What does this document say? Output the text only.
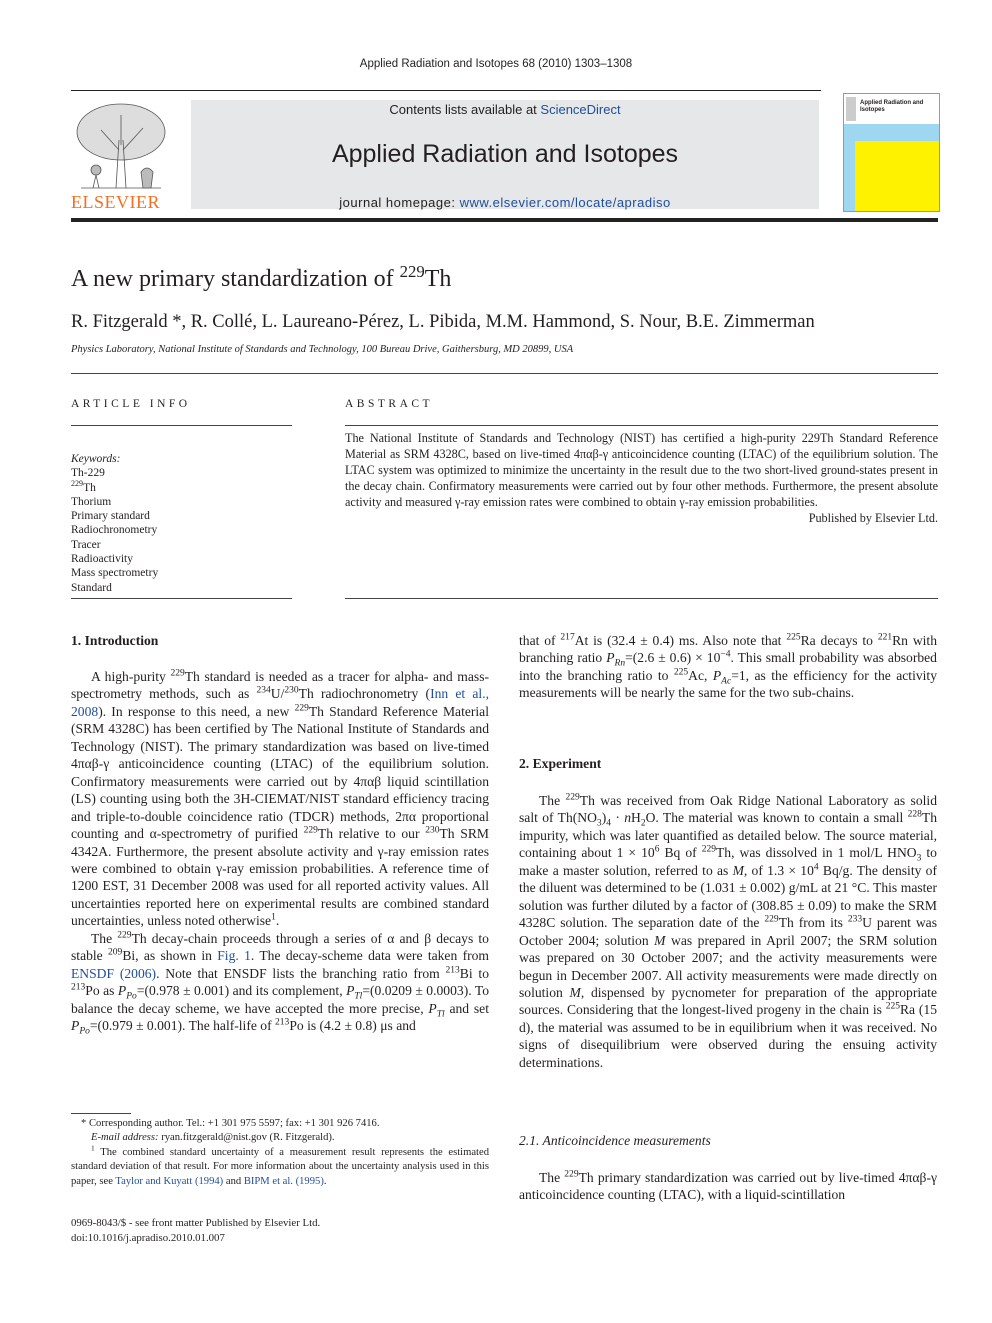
Applied Radiation and Isotopes 68 (2010) 1303–1308
ELSEVIER
Contents lists available at ScienceDirect
Applied Radiation and Isotopes
journal homepage: www.elsevier.com/locate/apradiso
Applied Radiation and Isotopes
A new primary standardization of $^{229}$Th
R. Fitzgerald *, R. Collé, L. Laureano-Pérez, L. Pibida, M.M. Hammond, S. Nour, B.E. Zimmerman
Physics Laboratory, National Institute of Standards and Technology, 100 Bureau Drive, Gaithersburg, MD 20899, USA
ARTICLE INFO
Keywords:
Th-229
$^{229}$Th
Thorium
Primary standard
Radiochronometry
Tracer
Radioactivity
Mass spectrometry
Standard
ABSTRACT
The National Institute of Standards and Technology (NIST) has certified a high-purity 229Th Standard Reference Material as SRM 4328C, based on live-timed 4παβ-γ anticoincidence counting (LTAC) of the equilibrium solution. The LTAC system was optimized to minimize the uncertainty in the result due to the two short-lived ground-states present in the decay chain. Confirmatory measurements were carried out by four other methods. Furthermore, the present absolute activity and measured γ-ray emission rates were combined to obtain γ-ray emission probabilities.
Published by Elsevier Ltd.
1. Introduction

A high-purity $^{229}$Th standard is needed as a tracer for alpha- and mass-spectrometry methods, such as $^{234}$U/$^{230}$Th radiochronometry (Inn et al., 2008). In response to this need, a new $^{229}$Th Standard Reference Material (SRM 4328C) has been certified by The National Institute of Standards and Technology (NIST). The primary standardization was based on live-timed 4παβ-γ anticoincidence counting (LTAC) of the equilibrium solution. Confirmatory measurements were carried out by 4παβ liquid scintillation (LS) counting using both the 3H-CIEMAT/NIST standard efficiency tracing and triple-to-double coincidence ratio (TDCR) methods, 2πα proportional counting and α-spectrometry of purified $^{229}$Th relative to our $^{230}$Th SRM 4342A. Furthermore, the present absolute activity and γ-ray emission rates were combined to obtain γ-ray emission probabilities. A reference time of 1200 EST, 31 December 2008 was used for all reported activity values. All uncertainties reported here on experimental results are combined standard uncertainties, unless noted otherwise$^1$.

The $^{229}$Th decay-chain proceeds through a series of α and β decays to stable $^{209}$Bi, as shown in Fig. 1. The decay-scheme data were taken from ENSDF (2006). Note that ENSDF lists the branching ratio from $^{213}$Bi to $^{213}$Po as $P_{Po}=(0.978 \pm 0.001)$ and its complement, $P_{Tl}=(0.0209 \pm 0.0003)$. To balance the decay scheme, we have accepted the more precise, $P_{Tl}$ and set $P_{Po}=(0.979 \pm 0.001)$. The half-life of $^{213}$Po is (4.2 ± 0.8) μs and

* Corresponding author. Tel.: +1 301 975 5597; fax: +1 301 926 7416.
E-mail address: ryan.fitzgerald@nist.gov (R. Fitzgerald).
$^1$ The combined standard uncertainty of a measurement result represents the estimated standard deviation of that result. For more information about the uncertainty analysis used in this paper, see Taylor and Kuyatt (1994) and BIPM et al. (1995).
0969-8043/$ - see front matter Published by Elsevier Ltd.
doi:10.1016/j.apradiso.2010.01.007

that of $^{217}$At is (32.4 ± 0.4) ms. Also note that $^{225}$Ra decays to $^{221}$Rn with branching ratio $P_{Rn}=(2.6 \pm 0.6) \times 10^{-4}$. This small probability was absorbed into the branching ratio to $^{225}$Ac, $P_{Ac}=1$, as the efficiency for the activity measurements will be nearly the same for the two sub-chains.

2. Experiment

The $^{229}$Th was received from Oak Ridge National Laboratory as solid salt of $Th(NO_3)_4 \cdot nH_2O$. The material was known to contain a small $^{228}$Th impurity, which was later quantified as detailed below. The source material, containing about $1 \times 10^6$ Bq of $^{229}$Th, was dissolved in 1 mol/L $HNO_3$ to make a master solution, referred to as M, of $1.3 \times 10^4$ Bq/g. The density of the diluent was determined to be (1.031 ± 0.002) g/mL at 21 °C. This master solution was further diluted by a factor of (308.85 ± 0.09) to make the SRM 4328C solution. The separation date of the $^{229}$Th from its $^{233}$U parent was October 2004; solution M was prepared in April 2007; the SRM solution was prepared on 30 October 2007; and the activity measurements were begun in December 2007. All activity measurements were made directly on solution M, dispensed by pycnometer for preparation of the appropriate sources. Considering that the longest-lived progeny in the chain is $^{225}$Ra (15 d), the material was assumed to be in equilibrium when it was received. No signs of disequilibrium were observed during the ensuing activity determinations.

2.1. Anticoincidence measurements

The $^{229}$Th primary standardization was carried out by live-timed 4παβ-γ anticoincidence counting (LTAC), with a liquid-scintillation
